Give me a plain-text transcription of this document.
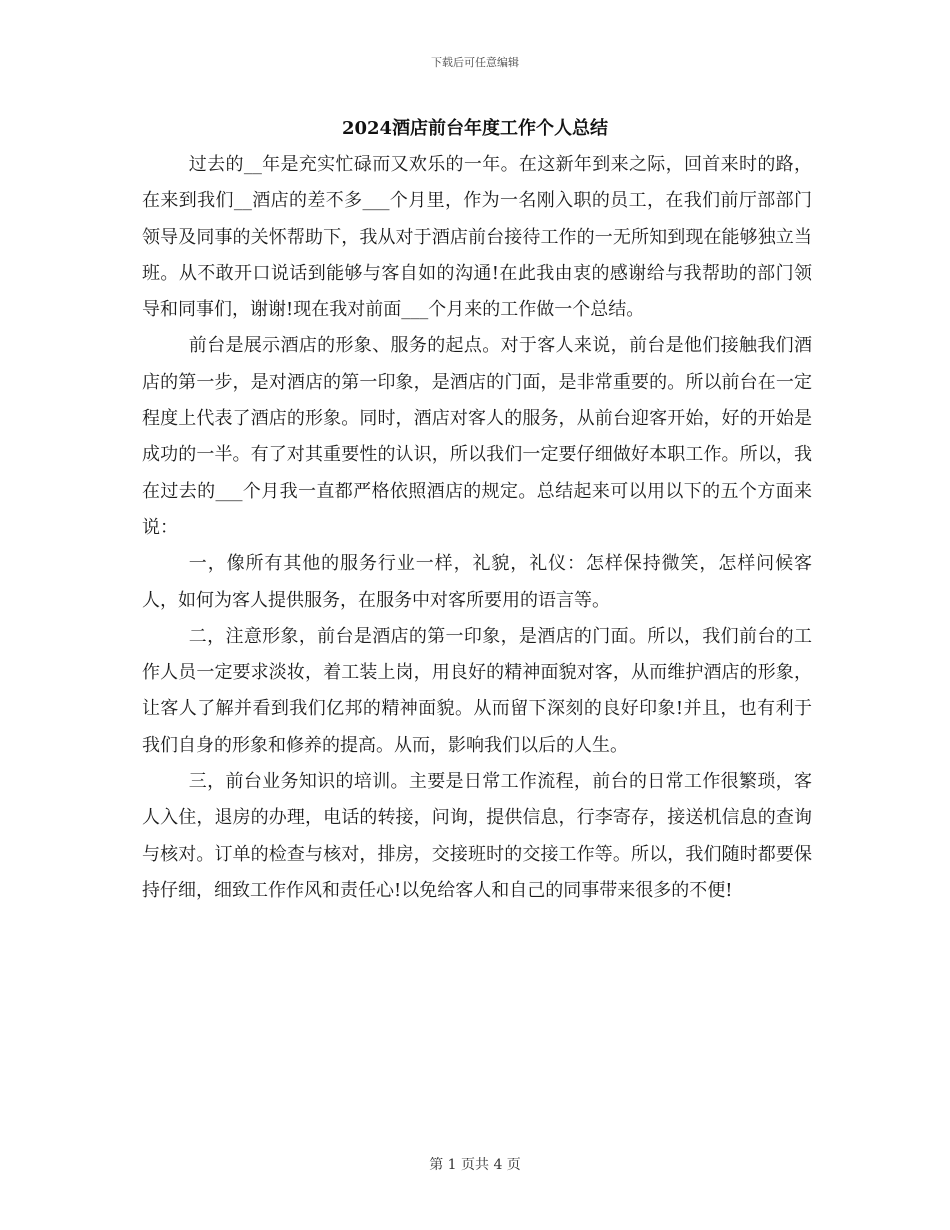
下载后可任意编辑
2024酒店前台年度工作个人总结

过去的__年是充实忙碌而又欢乐的一年。在这新年到来之际，回首来时的路，在来到我们__酒店的差不多___个月里，作为一名刚入职的员工，在我们前厅部部门领导及同事的关怀帮助下，我从对于酒店前台接待工作的一无所知到现在能够独立当班。从不敢开口说话到能够与客自如的沟通!在此我由衷的感谢给与我帮助的部门领导和同事们，谢谢!现在我对前面___个月来的工作做一个总结。

前台是展示酒店的形象、服务的起点。对于客人来说，前台是他们接触我们酒店的第一步，是对酒店的第一印象，是酒店的门面，是非常重要的。所以前台在一定程度上代表了酒店的形象。同时，酒店对客人的服务，从前台迎客开始，好的开始是成功的一半。有了对其重要性的认识，所以我们一定要仔细做好本职工作。所以，我在过去的___个月我一直都严格依照酒店的规定。总结起来可以用以下的五个方面来说：

一，像所有其他的服务行业一样，礼貌，礼仪：怎样保持微笑，怎样问候客人，如何为客人提供服务，在服务中对客所要用的语言等。

二，注意形象，前台是酒店的第一印象，是酒店的门面。所以，我们前台的工作人员一定要求淡妆，着工装上岗，用良好的精神面貌对客，从而维护酒店的形象，让客人了解并看到我们亿邦的精神面貌。从而留下深刻的良好印象!并且，也有利于我们自身的形象和修养的提高。从而，影响我们以后的人生。

三，前台业务知识的培训。主要是日常工作流程，前台的日常工作很繁琐，客人入住，退房的办理，电话的转接，问询，提供信息，行李寄存，接送机信息的查询与核对。订单的检查与核对，排房，交接班时的交接工作等。所以，我们随时都要保持仔细，细致工作作风和责任心!以免给客人和自己的同事带来很多的不便!

第 1 页共 4 页
